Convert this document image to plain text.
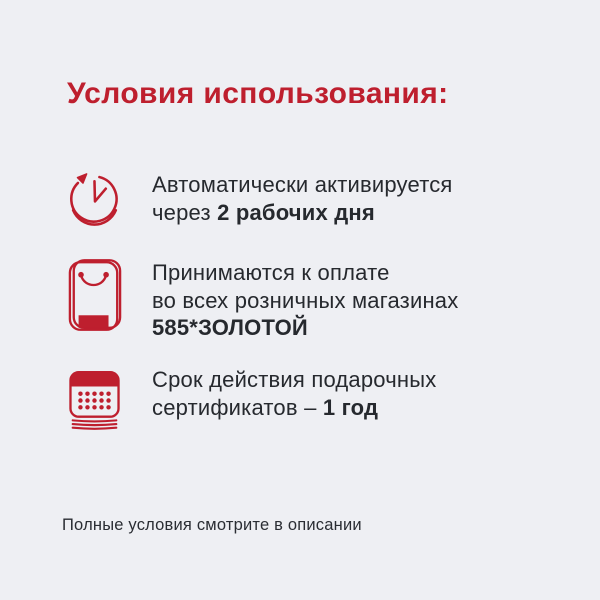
Условия использования:

Автоматически активируется
через 2 рабочих дня

Принимаются к оплате
во всех розничных магазинах
585*ЗОЛОТОЙ

Срок действия подарочных
сертификатов – 1 год

Полные условия смотрите в описании
